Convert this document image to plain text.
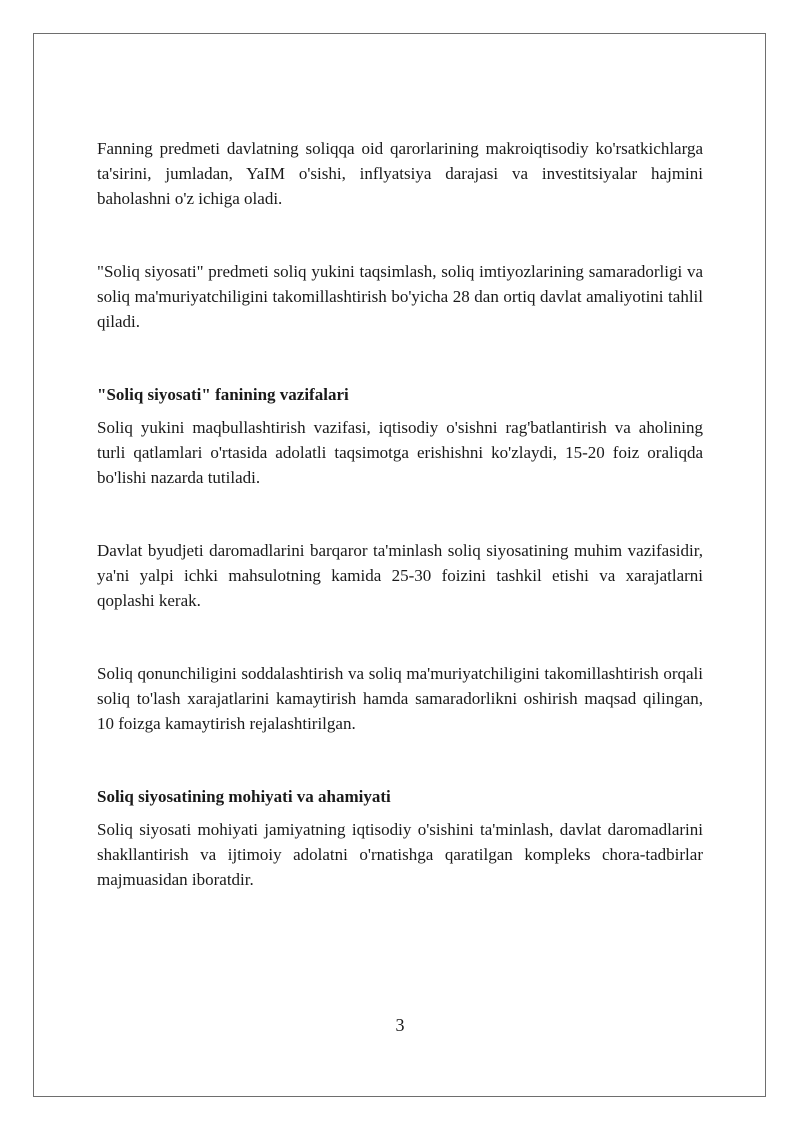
Fanning predmeti davlatning soliqqa oid qarorlarining makroiqtisodiy ko'rsatkichlarga ta'sirini, jumladan, YaIM o'sishi, inflyatsiya darajasi va investitsiyalar hajmini baholashni o'z ichiga oladi.

"Soliq siyosati" predmeti soliq yukini taqsimlash, soliq imtiyozlarining samaradorligi va soliq ma'muriyatchiligini takomillashtirish bo'yicha 28 dan ortiq davlat amaliyotini tahlil qiladi.

"Soliq siyosati" fanining vazifalari

Soliq yukini maqbullashtirish vazifasi, iqtisodiy o'sishni rag'batlantirish va aholining turli qatlamlari o'rtasida adolatli taqsimotga erishishni ko'zlaydi, 15-20 foiz oraliqda bo'lishi nazarda tutiladi.

Davlat byudjeti daromadlarini barqaror ta'minlash soliq siyosatining muhim vazifasidir, ya'ni yalpi ichki mahsulotning kamida 25-30 foizini tashkil etishi va xarajatlarni qoplashi kerak.

Soliq qonunchiligini soddalashtirish va soliq ma'muriyatchiligini takomillashtirish orqali soliq to'lash xarajatlarini kamaytirish hamda samaradorlikni oshirish maqsad qilingan, 10 foizga kamaytirish rejalashtirilgan.

Soliq siyosatining mohiyati va ahamiyati

Soliq siyosati mohiyati jamiyatning iqtisodiy o'sishini ta'minlash, davlat daromadlarini shakllantirish va ijtimoiy adolatni o'rnatishga qaratilgan kompleks chora-tadbirlar majmuasidan iboratdir.

3
